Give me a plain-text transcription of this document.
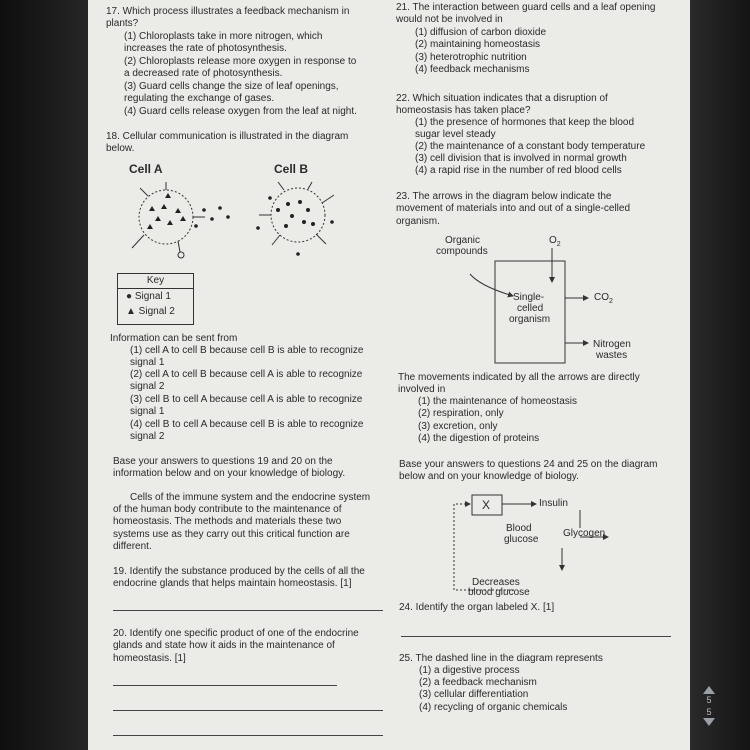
17. Which process illustrates a feedback mechanism in

plants?

(1) Chloroplasts take in more nitrogen, which

increases the rate of photosynthesis.

(2) Chloroplasts release more oxygen in response to

a decreased rate of photosynthesis.

(3) Guard cells change the size of leaf openings,

regulating the exchange of gases.

(4) Guard cells release oxygen from the leaf at night.

18. Cellular communication is illustrated in the diagram

below.

Cell A	Cell B
Key
● Signal 1
▲ Signal 2

Information can be sent from

(1) cell A to cell B because cell B is able to recognize

signal 1

(2) cell A to cell B because cell A is able to recognize

signal 2

(3) cell B to cell A because cell A is able to recognize

signal 1

(4) cell B to cell A because cell B is able to recognize

signal 2

Base your answers to questions 19 and 20 on the

information below and on your knowledge of biology.

Cells of the immune system and the endocrine system

of the human body contribute to the maintenance of

homeostasis. The methods and materials these two

systems use as they carry out this critical function are

different.

19. Identify the substance produced by the cells of all the

endocrine glands that helps maintain homeostasis. [1]

20. Identify one specific product of one of the endocrine

glands and state how it aids in the maintenance of

homeostasis. [1]

21. The interaction between guard cells and a leaf opening

would not be involved in

(1) diffusion of carbon dioxide

(2) maintaining homeostasis

(3) heterotrophic nutrition

(4) feedback mechanisms

22. Which situation indicates that a disruption of

homeostasis has taken place?

(1) the presence of hormones that keep the blood

sugar level steady

(2) the maintenance of a constant body temperature

(3) cell division that is involved in normal growth

(4) a rapid rise in the number of red blood cells

23. The arrows in the diagram below indicate the

movement of materials into and out of a single-celled

organism.

Organic
compounds
$O_2$
Single-
celled
organism
$CO_2$
Nitrogen
wastes

The movements indicated by all the arrows are directly

involved in

(1) the maintenance of homeostasis

(2) respiration, only

(3) excretion, only

(4) the digestion of proteins

Base your answers to questions 24 and 25 on the diagram

below and on your knowledge of biology.

X	Insulin
Blood
glucose
Glycogen
Decreases
blood glucose

24. Identify the organ labeled X. [1]

25. The dashed line in the diagram represents

(1) a digestive process

(2) a feedback mechanism

(3) cellular differentiation

(4) recycling of organic chemicals

5
5
